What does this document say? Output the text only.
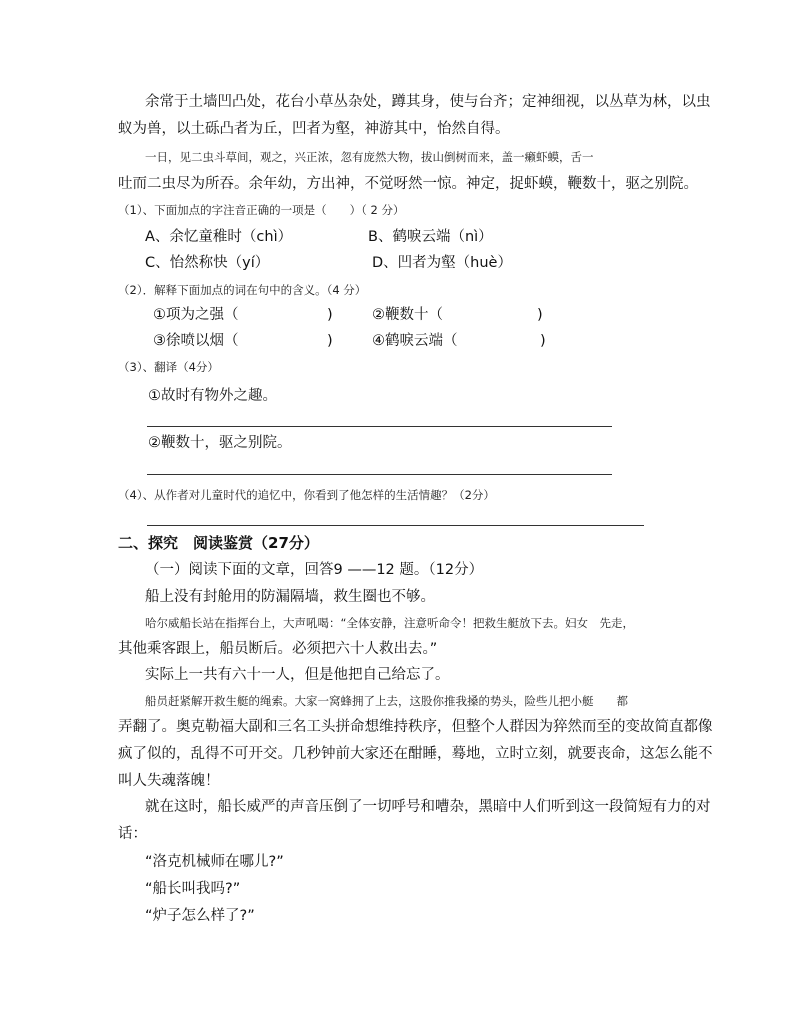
余常于土墙凹凸处，花台小草丛杂处，蹲其身，使与台齐；定神细视，以丛草为林，以虫
蚁为兽，以土砾凸者为丘，凹者为壑，神游其中，怡然自得。
一日，见二虫斗草间，观之，兴正浓，忽有庞然大物，拔山倒树而来，盖一癞虾蟆，舌一
吐而二虫尽为所吞。余年幼，方出神，不觉呀然一惊。神定，捉虾蟆，鞭数十，驱之别院。
（1）、下面加点的字注音正确的一项是（　　）（ 2 分）
A、余忆童稚时（chì）	B、鹤唳云端（nì）
C、怡然称快（yí）	D、凹者为壑（huè）
（2）．解释下面加点的词在句中的含义。（4 分）
①项为之强（	)	②鞭数十（	)
③徐喷以烟（	)	④鹤唳云端（	)
（3）、翻译（4分）
①故时有物外之趣。
②鞭数十，驱之别院。
（4）、从作者对儿童时代的追忆中，你看到了他怎样的生活情趣？（2分）
二、探究　阅读鉴赏（27分）
（一）阅读下面的文章，回答9 ——12 题。（12分）
船上没有封舱用的防漏隔墙，救生圈也不够。
哈尔威船长站在指挥台上，大声吼喝：“全体安静，注意听命令！把救生艇放下去。妇女　先走，
其他乘客跟上，船员断后。必须把六十人救出去。”
实际上一共有六十一人，但是他把自己给忘了。
船员赶紧解开救生艇的绳索。大家一窝蜂拥了上去，这股你推我搡的势头，险些儿把小艇　　都
弄翻了。奥克勒福大副和三名工头拼命想维持秩序，但整个人群因为猝然而至的变故简直都像
疯了似的，乱得不可开交。几秒钟前大家还在酣睡，蓦地，立时立刻，就要丧命，这怎么能不
叫人失魂落魄！
就在这时，船长威严的声音压倒了一切呼号和嘈杂，黑暗中人们听到这一段简短有力的对
话：
“洛克机械师在哪儿?”
“船长叫我吗?”
“炉子怎么样了?”
